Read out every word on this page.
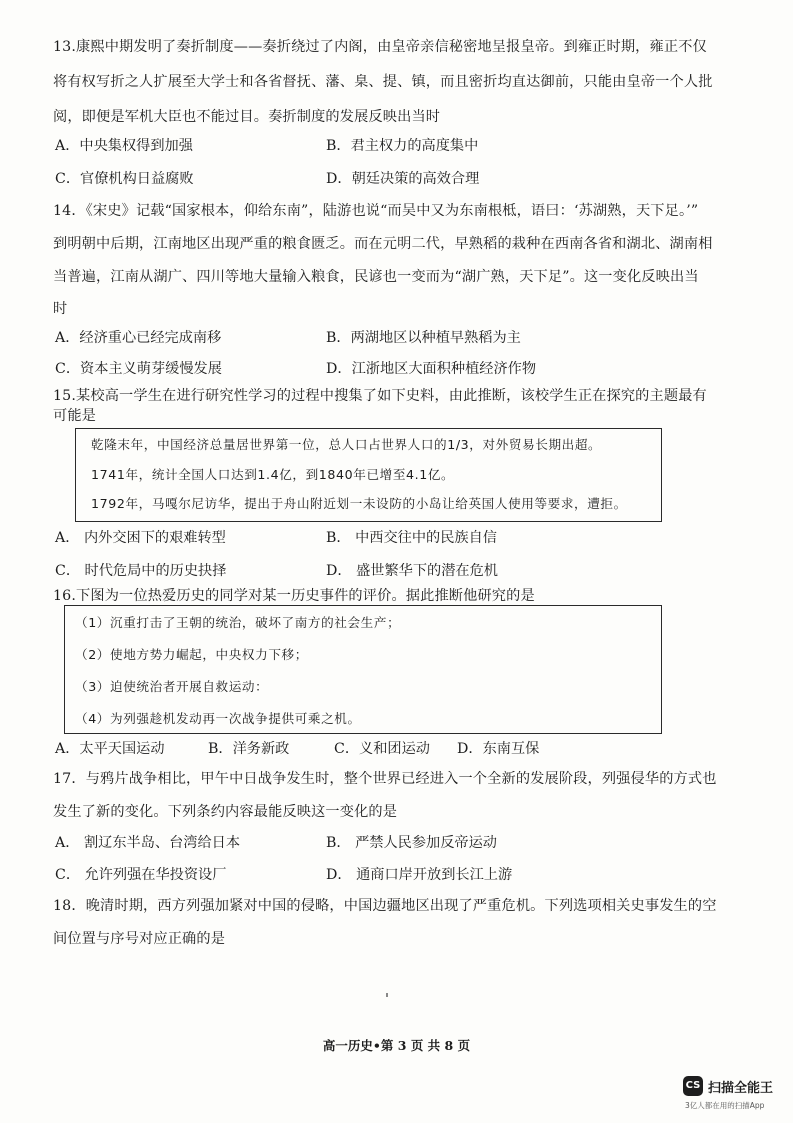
13.康熙中期发明了奏折制度——奏折绕过了内阁，由皇帝亲信秘密地呈报皇帝。到雍正时期，雍正不仅
将有权写折之人扩展至大学士和各省督抚、藩、臬、提、镇，而且密折均直达御前，只能由皇帝一个人批
阅，即便是军机大臣也不能过目。奏折制度的发展反映出当时
A．中央集权得到加强	B．君主权力的高度集中
C．官僚机构日益腐败	D．朝廷决策的高效合理
14．《宋史》记载“国家根本，仰给东南”，陆游也说“而吴中又为东南根柢，语曰：‘苏湖熟，天下足。’”
到明朝中后期，江南地区出现严重的粮食匮乏。而在元明二代，早熟稻的栽种在西南各省和湖北、湖南相
当普遍，江南从湖广、四川等地大量输入粮食，民谚也一变而为“湖广熟，天下足”。这一变化反映出当
时
A．经济重心已经完成南移	B．两湖地区以种植早熟稻为主
C．资本主义萌芽缓慢发展	D．江浙地区大面积种植经济作物
15.某校高一学生在进行研究性学习的过程中搜集了如下史料，由此推断，该校学生正在探究的主题最有
可能是
乾隆末年，中国经济总量居世界第一位，总人口占世界人口的1/3，对外贸易长期出超。
1741年，统计全国人口达到1.4亿，到1840年已增至4.1亿。
1792年，马嘎尔尼访华，提出于舟山附近划一未设防的小岛让给英国人使用等要求，遭拒。
A． 内外交困下的艰难转型	B． 中西交往中的民族自信
C． 时代危局中的历史抉择	D． 盛世繁华下的潜在危机
16.下图为一位热爱历史的同学对某一历史事件的评价。据此推断他研究的是
（1）沉重打击了王朝的统治，破坏了南方的社会生产；
（2）使地方势力崛起，中央权力下移；
（3）迫使统治者开展自救运动：
（4）为列强趁机发动再一次战争提供可乘之机。
A．太平天国运动	B．洋务新政	C．义和团运动 D．东南互保
17．与鸦片战争相比，甲午中日战争发生时，整个世界已经进入一个全新的发展阶段，列强侵华的方式也
发生了新的变化。下列条约内容最能反映这一变化的是
A． 割辽东半岛、台湾给日本	B． 严禁人民参加反帝运动
C． 允许列强在华投资设厂	D． 通商口岸开放到长江上游
18．晚清时期，西方列强加紧对中国的侵略，中国边疆地区出现了严重危机。下列选项相关史事发生的空
间位置与序号对应正确的是
高一历史•第 3 页 共 8 页
CS 扫描全能王
3亿人都在用的扫描App
